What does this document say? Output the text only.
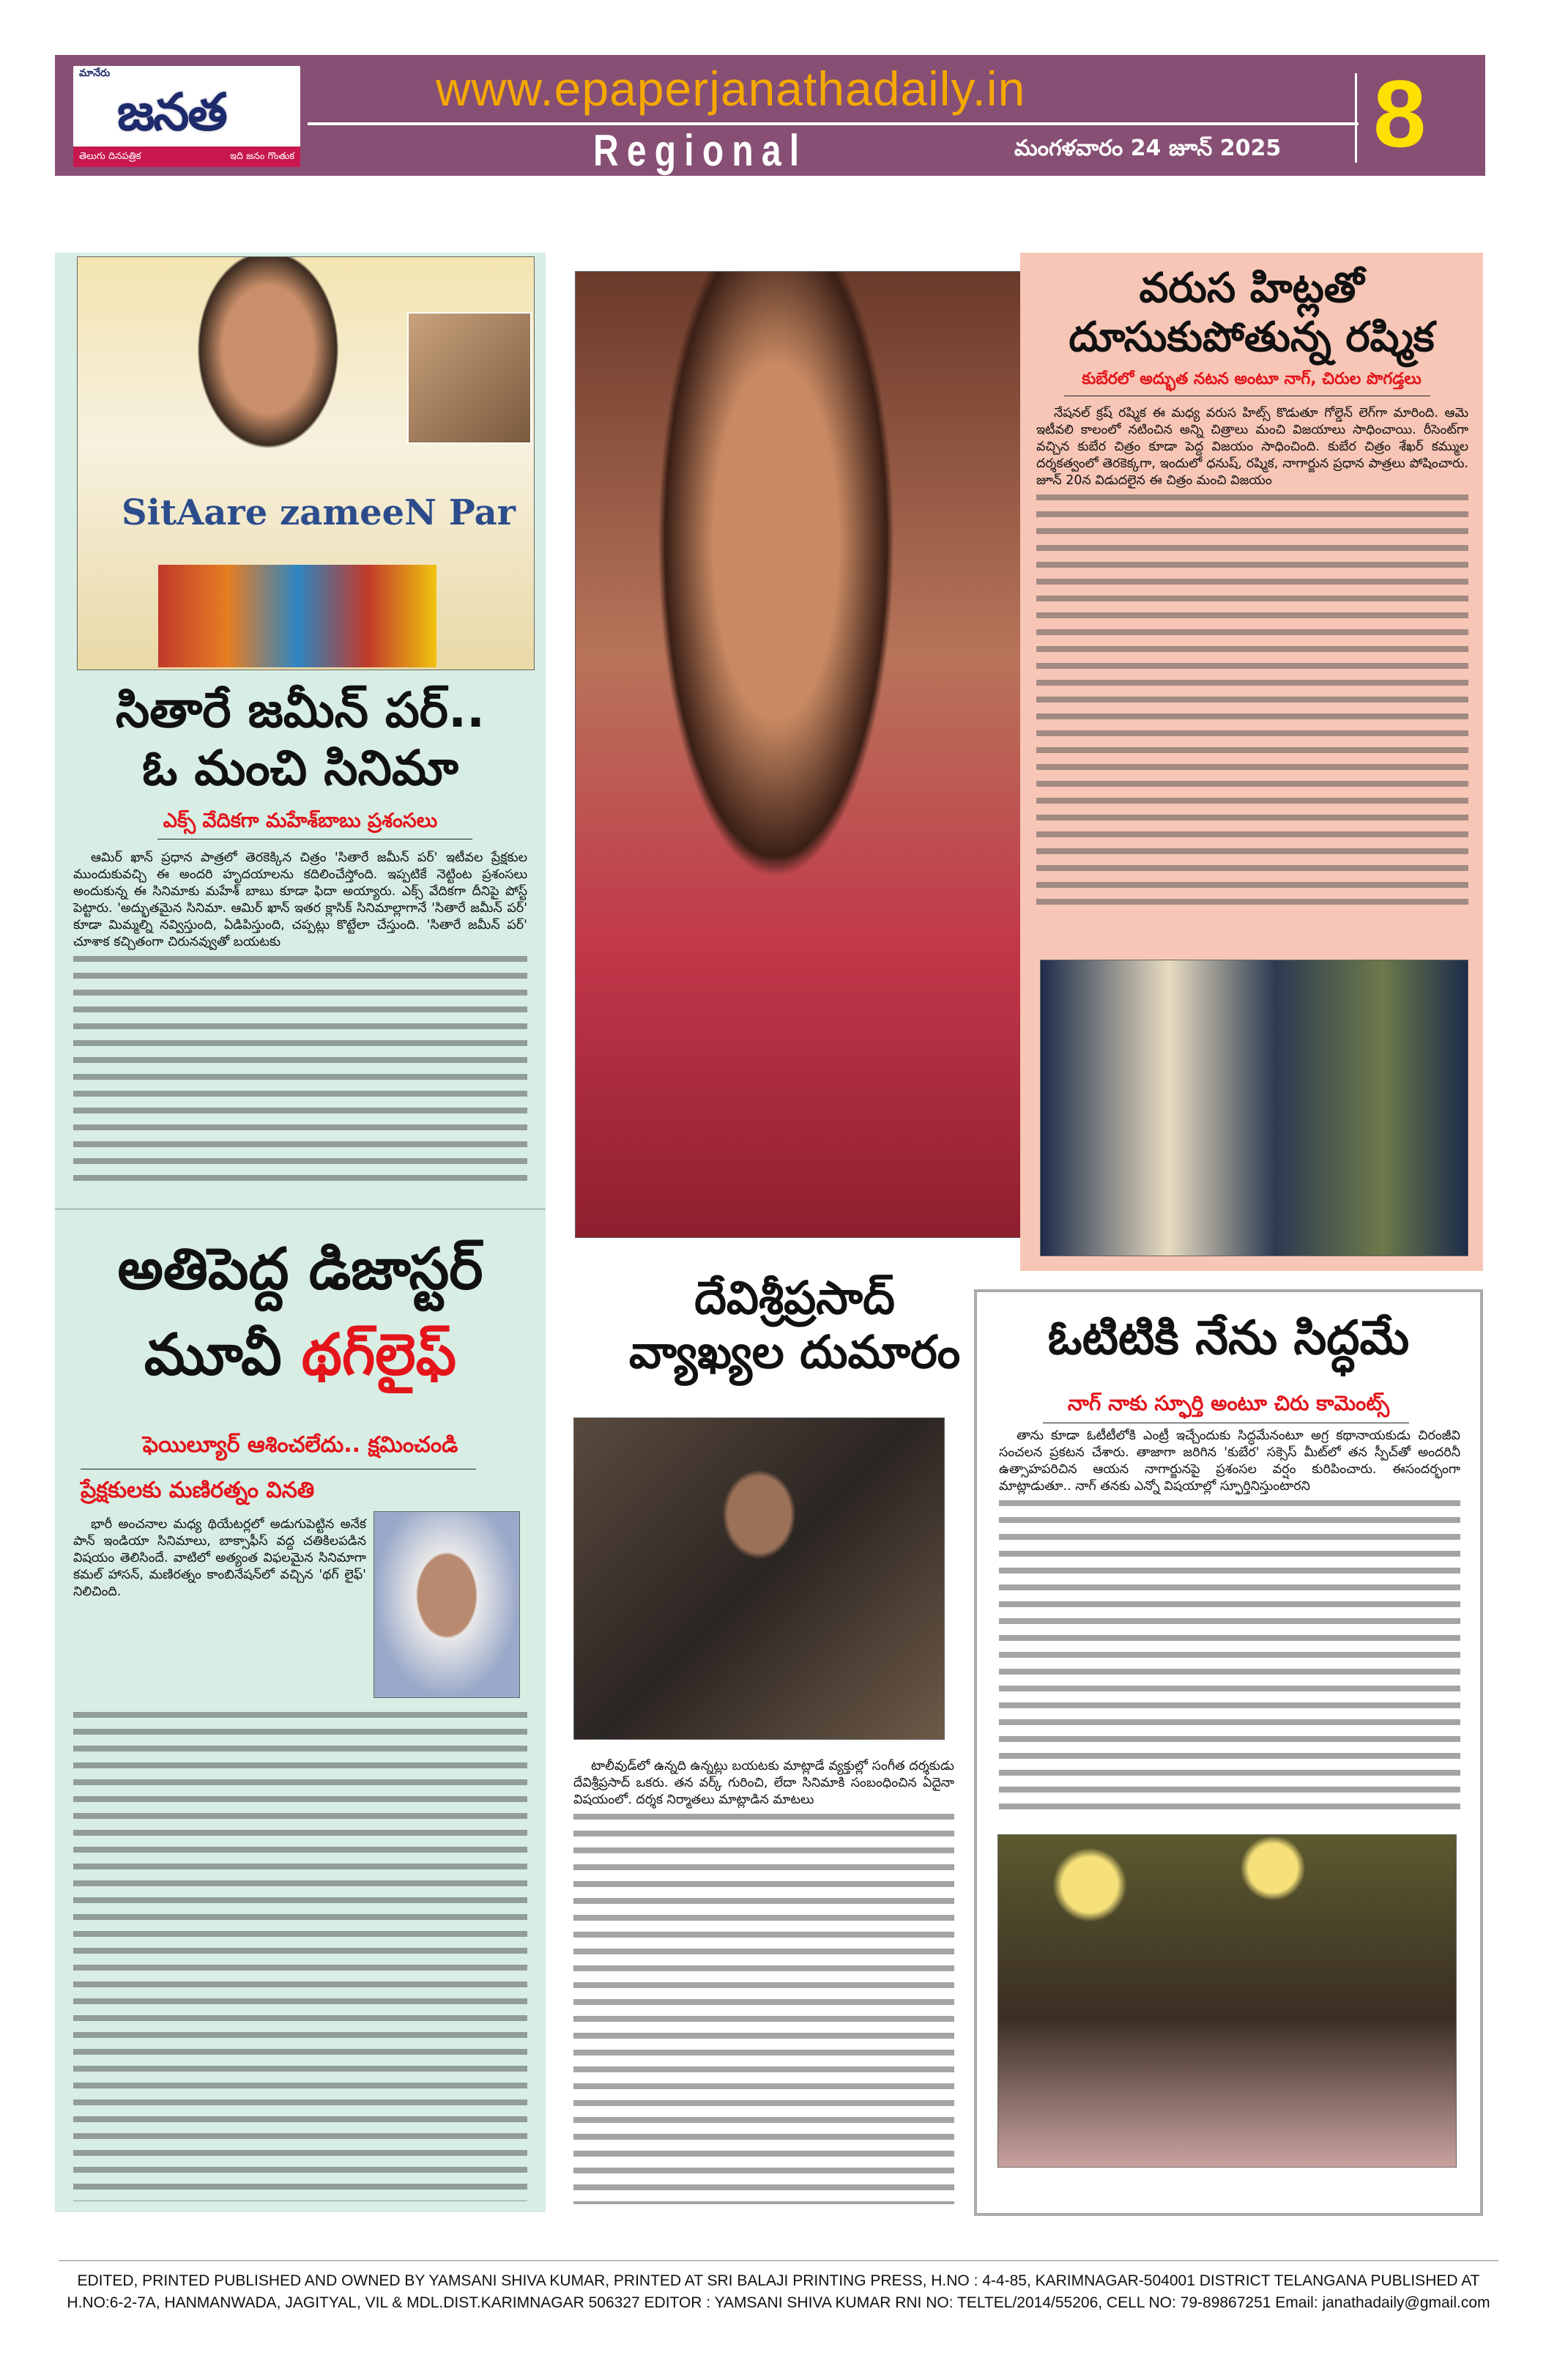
మానేరు
జనత
తెలుగు దినపత్రిక	ఇది జనం గొంతుక
www.epaperjanathadaily.in
Regional	మంగళవారం 24 జూన్ 2025 8
SitAare zameeN Par
సితారే జమీన్ పర్..
ఓ మంచి సినిమా
ఎక్స్ వేదికగా మహేశ్‌బాబు ప్రశంసలు

ఆమిర్ ఖాన్ ప్రధాన పాత్రలో తెరకెక్కిన చిత్రం 'సితారే జమీన్ పర్' ఇటీవల ప్రేక్షకుల ముందుకువచ్చి ఈ అందరి హృదయాలను కదిలించేస్తోంది. ఇప్పటికే నెట్టింట ప్రశంసలు అందుకున్న ఈ సినిమాకు మహేశ్ బాబు కూడా ఫిదా అయ్యారు. ఎక్స్ వేదికగా దీనిపై పోస్ట్ పెట్టారు. 'అద్భుతమైన సినిమా. ఆమిర్ ఖాన్ ఇతర క్లాసిక్ సినిమాల్లాగానే 'సితారే జమీన్ పర్' కూడా మిమ్మల్ని నవ్విస్తుంది, ఏడిపిస్తుంది, చప్పట్లు కొట్టేలా చేస్తుంది. 'సితారే జమీన్ పర్' చూశాక కచ్చితంగా చిరునవ్వుతో బయటకు

అతిపెద్ద డిజాస్టర్
మూవీ థగ్‌లైఫ్
ఫెయిల్యూర్ ఆశించలేదు.. క్షమించండి
ప్రేక్షకులకు మణిరత్నం వినతి

భారీ అంచనాల మధ్య థియేటర్లలో అడుగుపెట్టిన అనేక పాన్ ఇండియా సినిమాలు, బాక్సాఫీస్ వద్ద చతికిలపడిన విషయం తెలిసిందే. వాటిలో అత్యంత విఫలమైన సినిమాగా కమల్ హాసన్, మణిరత్నం కాంబినేషన్‌లో వచ్చిన 'థగ్ లైఫ్' నిలిచింది.

దేవిశ్రీప్రసాద్
వ్యాఖ్యల దుమారం

టాలీవుడ్‌లో ఉన్నది ఉన్నట్లు బయటకు మాట్లాడే వ్యక్తుల్లో సంగీత దర్శకుడు దేవిశ్రీప్రసాద్ ఒకరు. తన వర్క్ గురించి, లేదా సినిమాకి సంబంధించిన ఏదైనా విషయంలో. దర్శక నిర్మాతలు మాట్లాడిన మాటలు

వరుస హిట్లతో
దూసుకుపోతున్న రష్మిక
కుబేరలో అద్భుత నటన అంటూ నాగ్, చిరుల పొగడ్తలు

నేషనల్ క్రష్ రష్మిక ఈ మధ్య వరుస హిట్స్ కొడుతూ గోల్డెన్ లెగ్‌గా మారింది. ఆమె ఇటీవలి కాలంలో నటించిన అన్ని చిత్రాలు మంచి విజయాలు సాధించాయి. రీసెంట్‌గా వచ్చిన కుబేర చిత్రం కూడా పెద్ద విజయం సాధించింది. కుబేర చిత్రం శేఖర్ కమ్ముల దర్శకత్వంలో తెరకెక్కగా, ఇందులో ధనుష్, రష్మిక, నాగార్జున ప్రధాన పాత్రలు పోషించారు. జూన్ 20న విడుదలైన ఈ చిత్రం మంచి విజయం

ఓటిటికి నేను సిద్ధమే
నాగ్ నాకు స్ఫూర్తి అంటూ చిరు కామెంట్స్

తాను కూడా ఓటీటీలోకి ఎంట్రీ ఇచ్చేందుకు సిద్ధమేనంటూ అగ్ర కథానాయకుడు చిరంజీవి సంచలన ప్రకటన చేశారు. తాజాగా జరిగిన 'కుబేర' సక్సెస్ మీట్‌లో తన స్పీచ్‌తో అందరినీ ఉత్సాహపరిచిన ఆయన నాగార్జునపై ప్రశంసల వర్షం కురిపించారు. ఈసందర్భంగా మాట్లాడుతూ.. నాగ్ తనకు ఎన్నో విషయాల్లో స్ఫూర్తినిస్తుంటారని

EDITED, PRINTED PUBLISHED AND OWNED BY YAMSANI SHIVA KUMAR, PRINTED AT SRI BALAJI PRINTING PRESS, H.NO : 4-4-85, KARIMNAGAR-504001 DISTRICT TELANGANA PUBLISHED AT
H.NO:6-2-7A, HANMANWADA, JAGITYAL, VIL & MDL.DIST.KARIMNAGAR 506327 EDITOR : YAMSANI SHIVA KUMAR RNI NO: TELTEL/2014/55206, CELL NO: 79-89867251 Email: janathadaily@gmail.com
